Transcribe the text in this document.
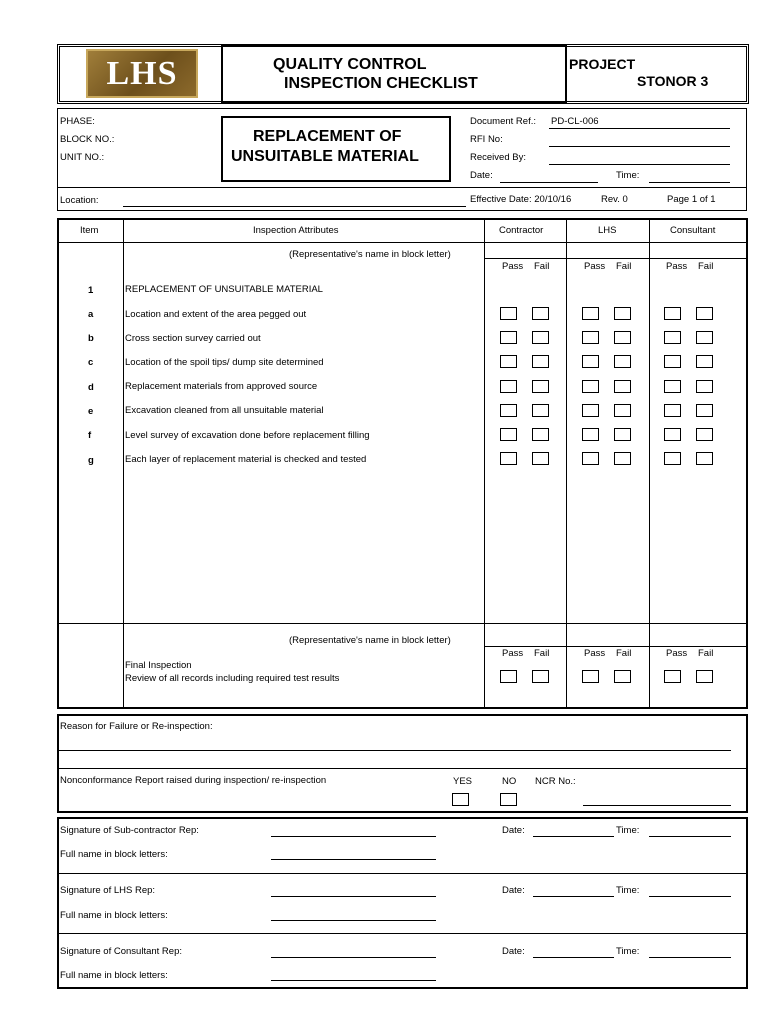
LHS	QUALITY CONTROL
INSPECTION CHECKLIST
PROJECT
STONOR 3
PHASE:
BLOCK NO.:
UNIT NO.:
REPLACEMENT OF
UNSUITABLE MATERIAL
Document Ref.: PD-CL-006
RFI No:
Received By:
Date:	Time:
Location:	Effective Date: 20/10/16	Rev. 0	Page 1 of 1
Item	Inspection Attributes	Contractor	LHS	Consultant
(Representative's name in block letter)
Pass Fail	Pass Fail	Pass Fail
1	REPLACEMENT OF UNSUITABLE MATERIAL
a	Location and extent of the area pegged out
b	Cross section survey carried out
c	Location of the spoil tips/ dump site determined
d	Replacement materials from approved source
e	Excavation cleaned from all unsuitable material
f	Level survey of excavation done before replacement filling
g	Each layer of replacement material is checked and tested
(Representative's name in block letter)
Pass Fail	Pass Fail	Pass Fail
Final Inspection
Review of all records including required test results
Reason for Failure or Re-inspection:
Nonconformance Report raised during inspection/ re-inspection	YES	NO NCR No.:
Signature of Sub-contractor Rep:	Date:	Time:
Full name in block letters:
Signature of LHS Rep:	Date:	Time:
Full name in block letters:
Signature of Consultant Rep:	Date:	Time:
Full name in block letters:
